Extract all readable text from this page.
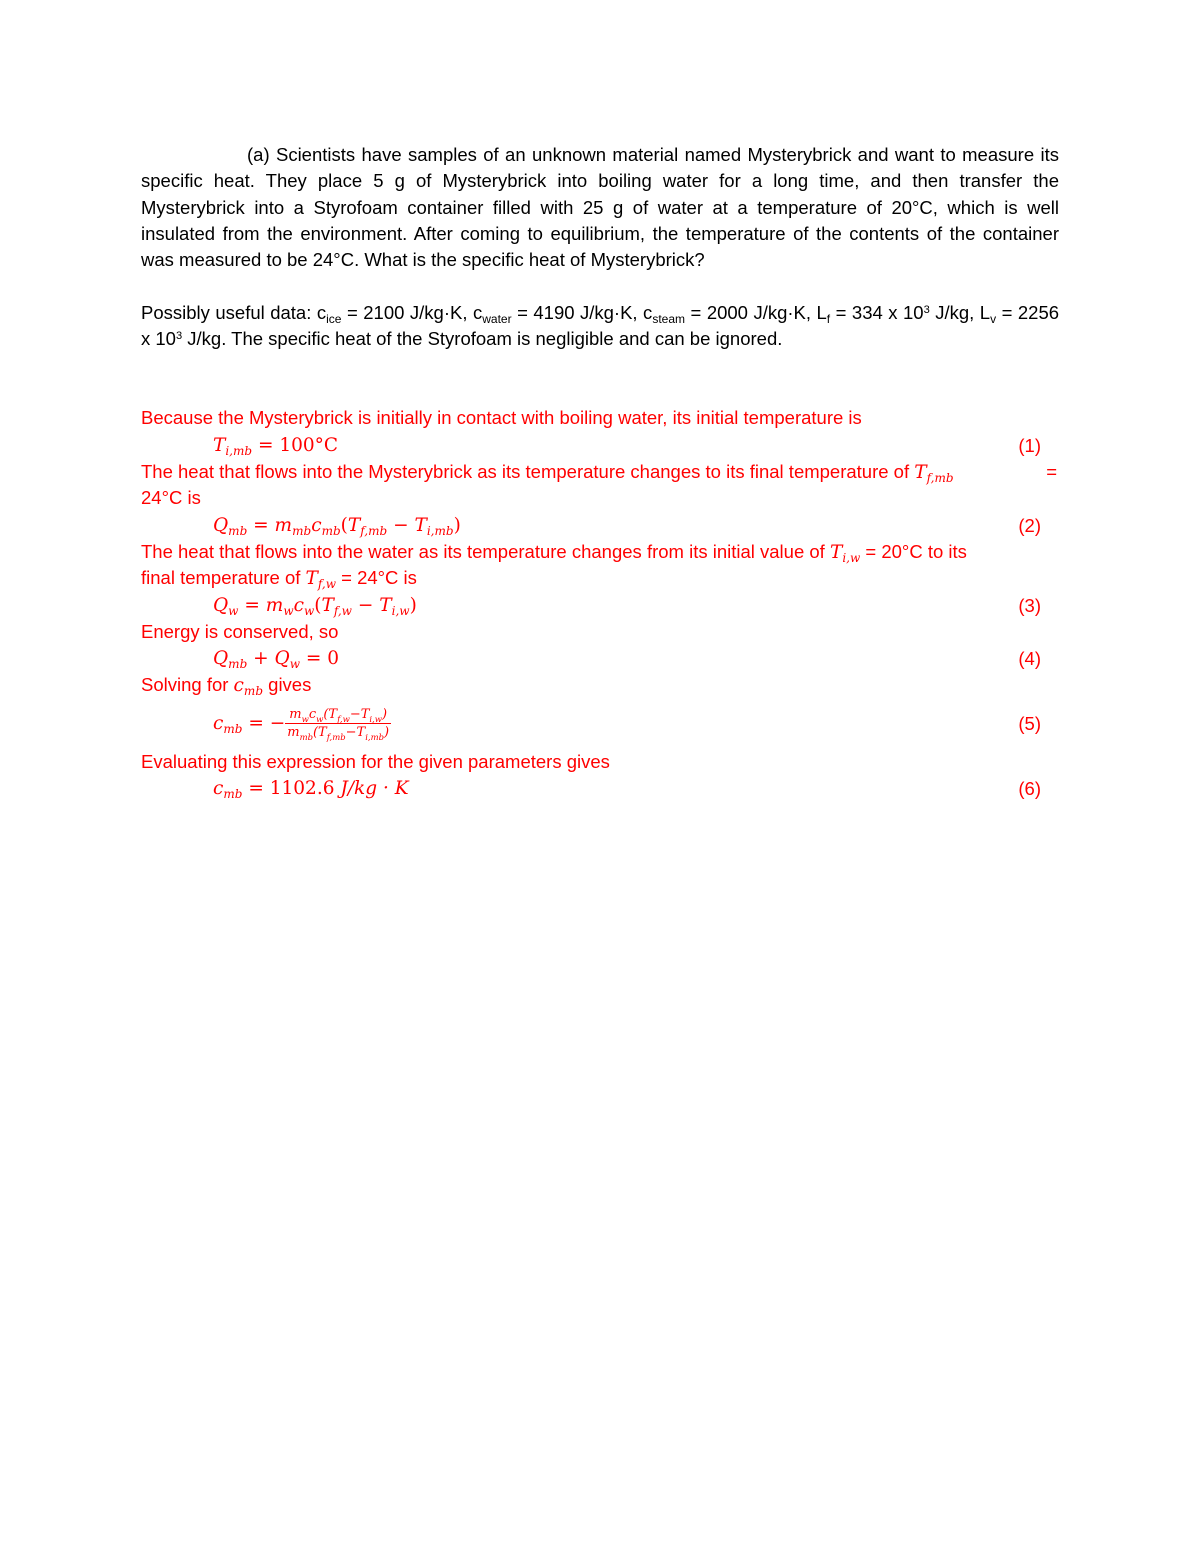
(a) Scientists have samples of an unknown material named Mysterybrick and want to measure its specific heat. They place 5 g of Mysterybrick into boiling water for a long time, and then transfer the Mysterybrick into a Styrofoam container filled with 25 g of water at a temperature of 20°C, which is well insulated from the environment. After coming to equilibrium, the temperature of the contents of the container was measured to be 24°C. What is the specific heat of Mysterybrick?

Possibly useful data: $c_{ice} = 2100$ J/kg·K, $c_{water} = 4190$ J/kg·K, $c_{steam} = 2000$ J/kg·K, $L_f = 334$ x $10^3$ J/kg, $L_v = 2256$ x $10^3$ J/kg. The specific heat of the Styrofoam is negligible and can be ignored.

Because the Mysterybrick is initially in contact with boiling water, its initial temperature is
$T_{i,mb} = 100^\circ C$	(1)
The heat that flows into the Mysterybrick as its temperature changes to its final temperature of $T_{f,mb}$	=
24°C is
$Q_{mb} = m_{mb}c_{mb}(T_{f,mb} - T_{i,mb})$	(2)
The heat that flows into the water as its temperature changes from its initial value of $T_{i,w} = 20^\circ C$ to its
final temperature of $T_{f,w} = 24^\circ C$ is
$Q_w = m_wc_w(T_{f,w} - T_{i,w})$	(3)
Energy is conserved, so
$Q_{mb} + Q_w = 0$	(4)
Solving for $c_{mb}$ gives
$c_{mb}$ = − $\frac{m_wc_w(T_{f,w}-T_{i,w})}{m_{mb}(T_{f,mb}-T_{i,mb})}$	(5)
Evaluating this expression for the given parameters gives
$c_{mb} = 1102.6$ J/kg · K	(6)
